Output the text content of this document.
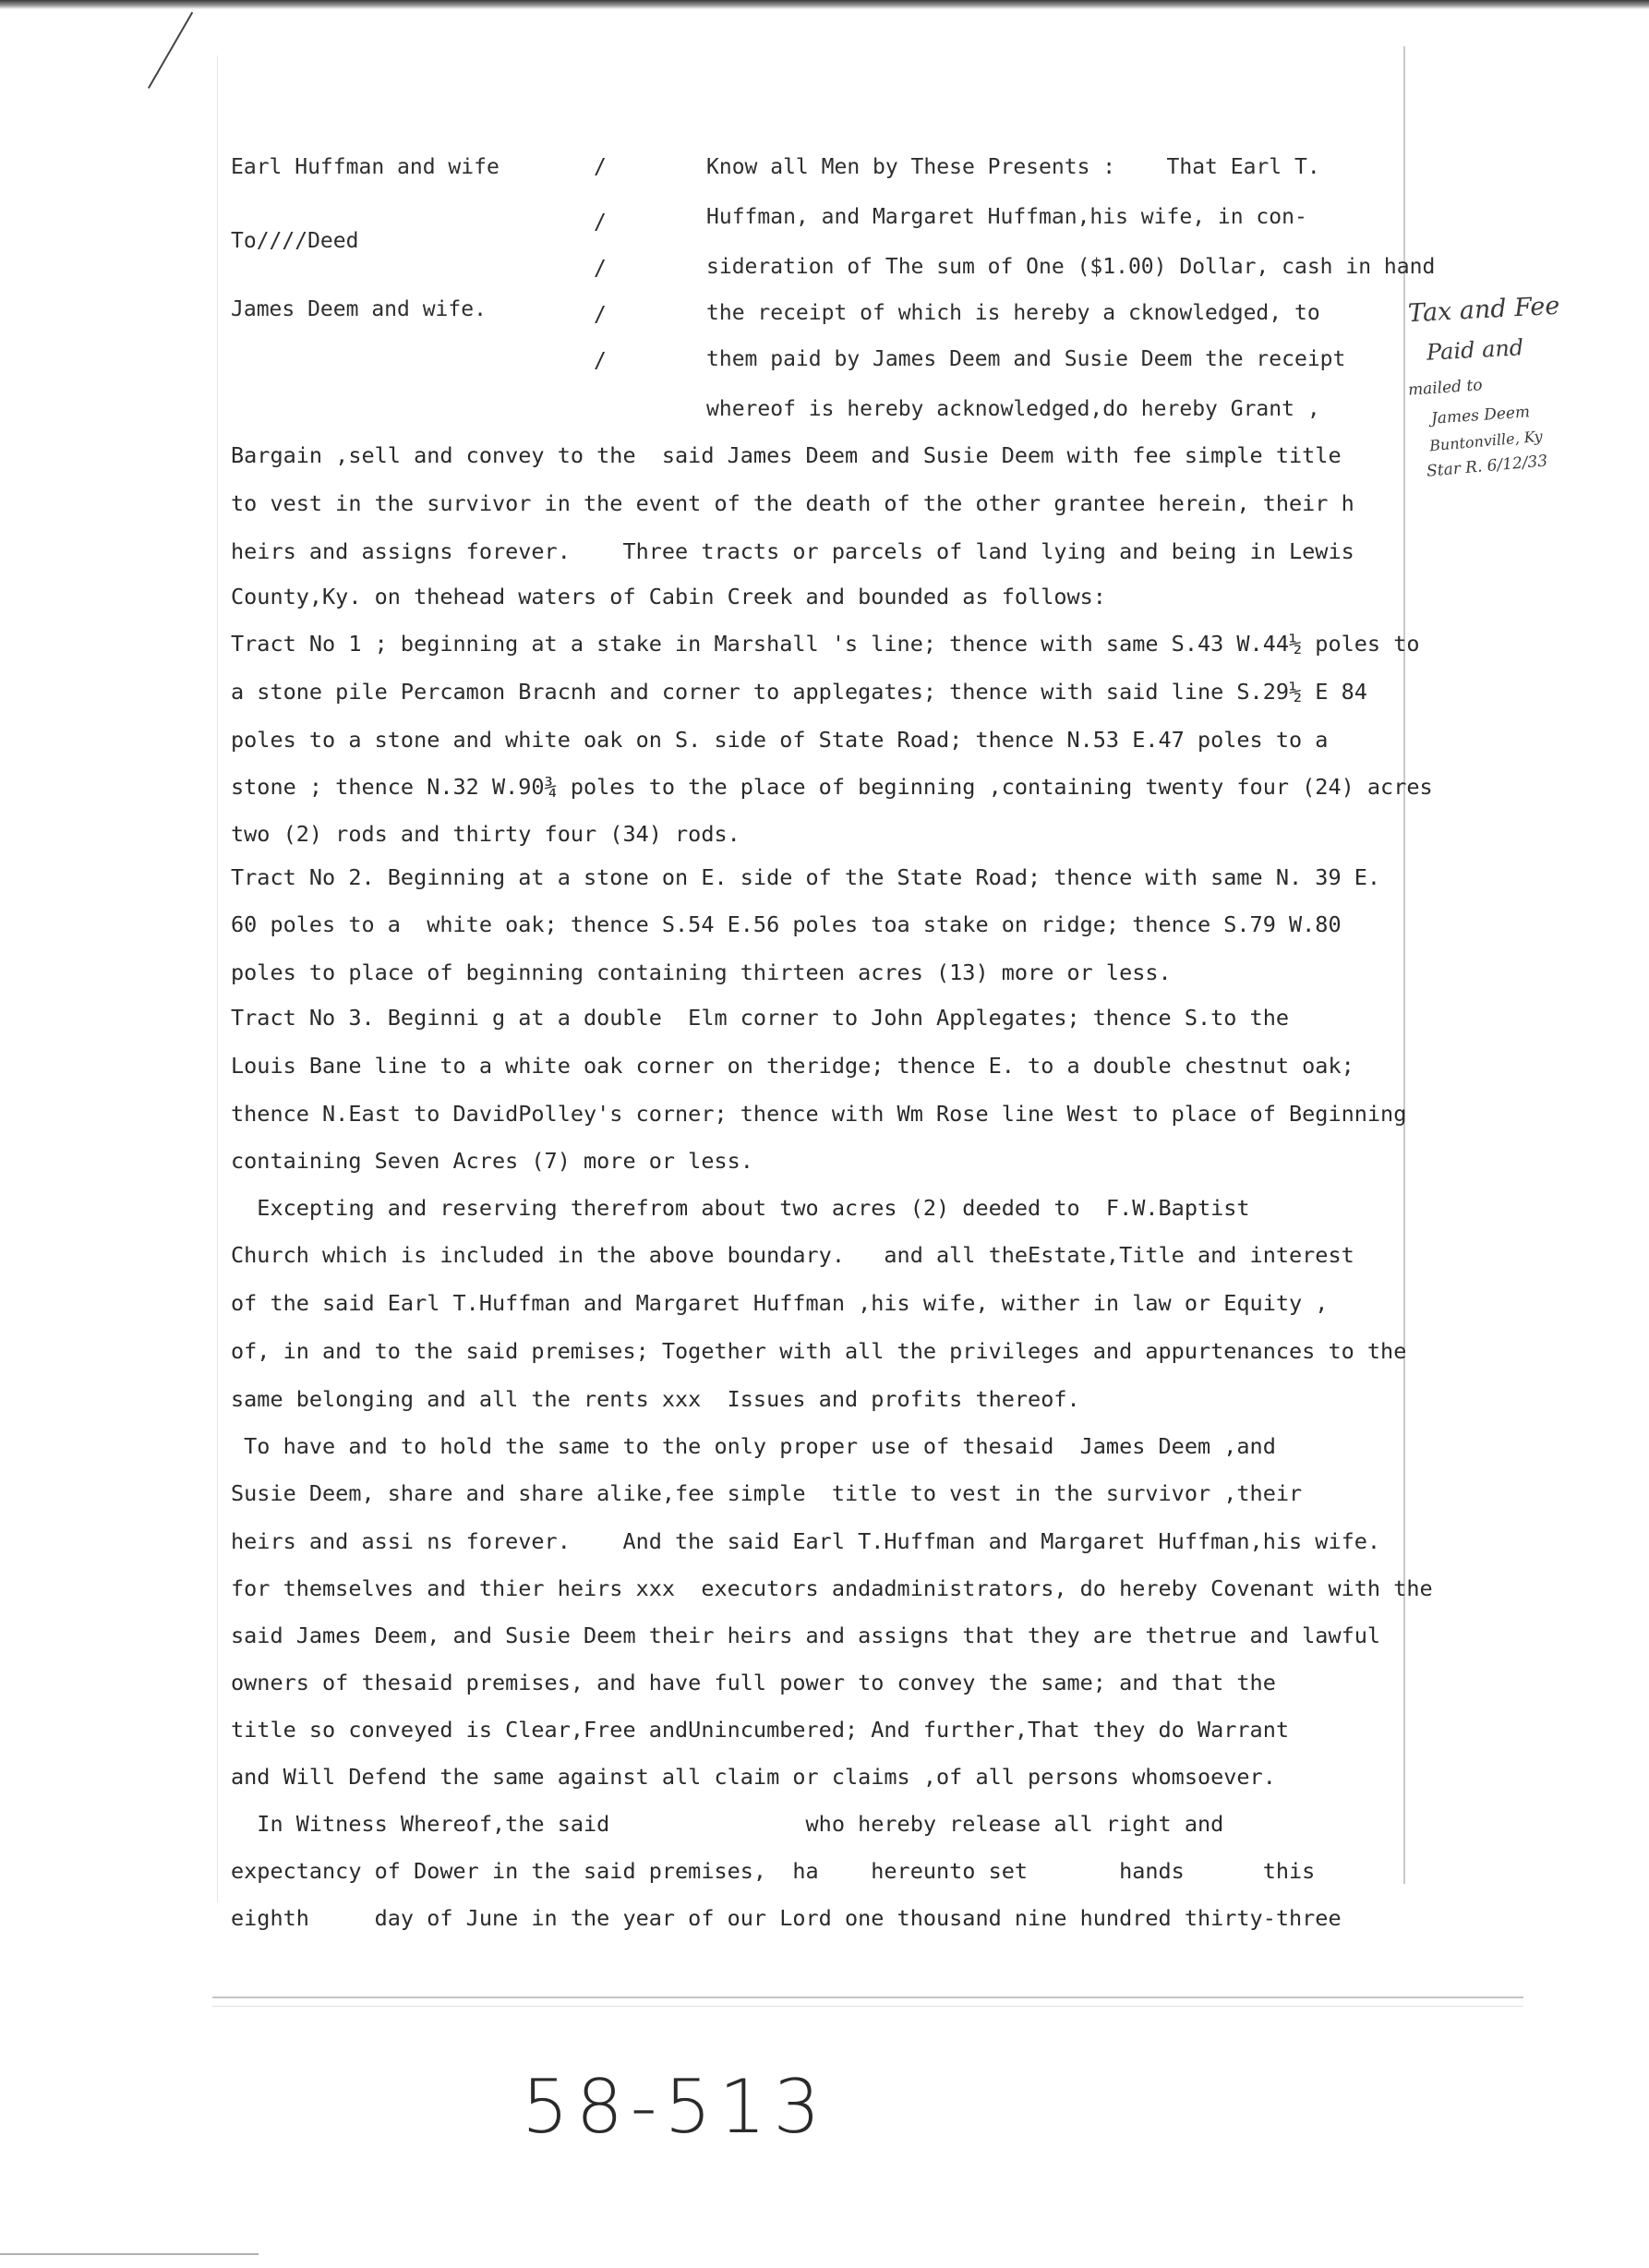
Earl Huffman and wife
To////Deed
James Deem and wife.
/
/
/
/
/
Know all Men by These Presents :    That Earl T.
Huffman, and Margaret Huffman,his wife, in con-
sideration of The sum of One ($1.00) Dollar, cash in hand
the receipt of which is hereby a cknowledged, to
them paid by James Deem and Susie Deem the receipt
whereof is hereby acknowledged,do hereby Grant ,
Bargain ,sell and convey to the  said James Deem and Susie Deem with fee simple title
to vest in the survivor in the event of the death of the other grantee herein, their h
heirs and assigns forever.    Three tracts or parcels of land lying and being in Lewis
County,Ky. on thehead waters of Cabin Creek and bounded as follows:
Tract No 1 ; beginning at a stake in Marshall 's line; thence with same S.43 W.44½ poles to
a stone pile Percamon Bracnh and corner to applegates; thence with said line S.29½ E 84
poles to a stone and white oak on S. side of State Road; thence N.53 E.47 poles to a
stone ; thence N.32 W.90¾ poles to the place of beginning ,containing twenty four (24) acres
two (2) rods and thirty four (34) rods.
Tract No 2. Beginning at a stone on E. side of the State Road; thence with same N. 39 E.
60 poles to a  white oak; thence S.54 E.56 poles toa stake on ridge; thence S.79 W.80
poles to place of beginning containing thirteen acres (13) more or less.
Tract No 3. Beginni g at a double  Elm corner to John Applegates; thence S.to the
Louis Bane line to a white oak corner on theridge; thence E. to a double chestnut oak;
thence N.East to DavidPolley's corner; thence with Wm Rose line West to place of Beginning
containing Seven Acres (7) more or less.
Excepting and reserving therefrom about two acres (2) deeded to  F.W.Baptist
Church which is included in the above boundary.   and all theEstate,Title and interest
of the said Earl T.Huffman and Margaret Huffman ,his wife, wither in law or Equity ,
of, in and to the said premises; Together with all the privileges and appurtenances to the
same belonging and all the rents xxx  Issues and profits thereof.
To have and to hold the same to the only proper use of thesaid  James Deem ,and
Susie Deem, share and share alike,fee simple  title to vest in the survivor ,their
heirs and assi ns forever.    And the said Earl T.Huffman and Margaret Huffman,his wife.
for themselves and thier heirs xxx  executors andadministrators, do hereby Covenant with the
said James Deem, and Susie Deem their heirs and assigns that they are thetrue and lawful
owners of thesaid premises, and have full power to convey the same; and that the
title so conveyed is Clear,Free andUnincumbered; And further,That they do Warrant
and Will Defend the same against all claim or claims ,of all persons whomsoever.
In Witness Whereof,the said               who hereby release all right and
expectancy of Dower in the said premises,  ha    hereunto set       hands      this
eighth     day of June in the year of our Lord one thousand nine hundred thirty-three
Tax and Fee
Paid and
mailed to
James Deem
Buntonville, Ky
Star R. 6/12/33
58-513
